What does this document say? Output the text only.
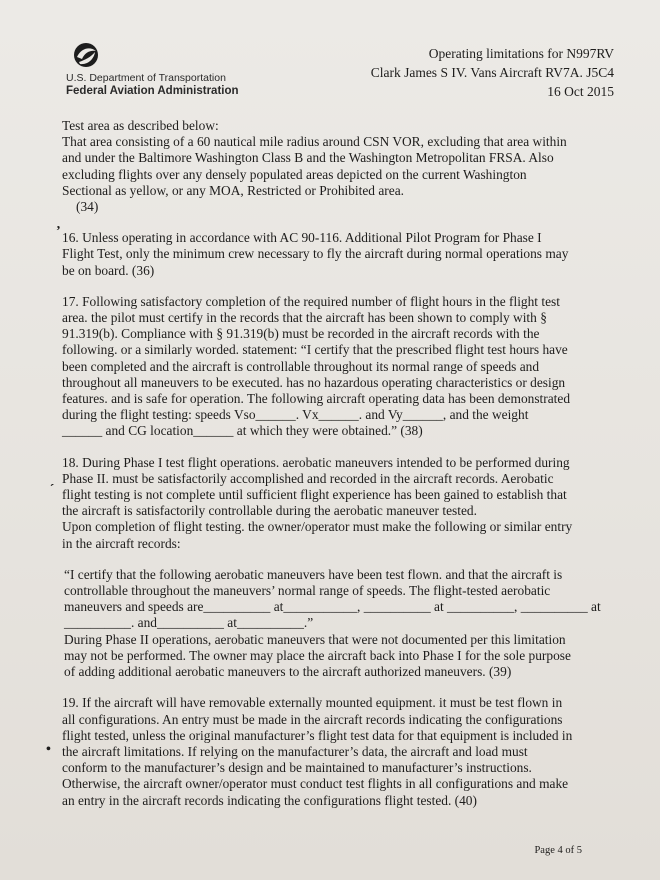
U.S. Department of Transportation
Federal Aviation Administration
Operating limitations for N997RV
Clark James S IV. Vans Aircraft RV7A. J5C4
16 Oct 2015

Test area as described below:

That area consisting of a 60 nautical mile radius around CSN VOR, excluding that area within

and under the Baltimore Washington Class B and the Washington Metropolitan FRSA. Also

excluding flights over any densely populated areas depicted on the current Washington

Sectional as yellow, or any MOA, Restricted or Prohibited area.

(34)

16. Unless operating in accordance with AC 90-116. Additional Pilot Program for Phase I

Flight Test, only the minimum crew necessary to fly the aircraft during normal operations may

be on board. (36)

17. Following satisfactory completion of the required number of flight hours in the flight test

area. the pilot must certify in the records that the aircraft has been shown to comply with §

91.319(b). Compliance with § 91.319(b) must be recorded in the aircraft records with the

following. or a similarly worded. statement: “I certify that the prescribed flight test hours have

been completed and the aircraft is controllable throughout its normal range of speeds and

throughout all maneuvers to be executed. has no hazardous operating characteristics or design

features. and is safe for operation. The following aircraft operating data has been demonstrated

during the flight testing: speeds Vso______. Vx______. and Vy______, and the weight

______ and CG location______ at which they were obtained.” (38)

18. During Phase I test flight operations. aerobatic maneuvers intended to be performed during

Phase II. must be satisfactorily accomplished and recorded in the aircraft records. Aerobatic

flight testing is not complete until sufficient flight experience has been gained to establish that

the aircraft is satisfactorily controllable during the aerobatic maneuver tested.

Upon completion of flight testing. the owner/operator must make the following or similar entry

in the aircraft records:

“I certify that the following aerobatic maneuvers have been test flown. and that the aircraft is

controllable throughout the maneuvers’ normal range of speeds. The flight-tested aerobatic

maneuvers and speeds are__________ at___________, __________ at __________, __________ at

__________. and__________ at__________.”

During Phase II operations, aerobatic maneuvers that were not documented per this limitation

may not be performed. The owner may place the aircraft back into Phase I for the sole purpose

of adding additional aerobatic maneuvers to the aircraft authorized maneuvers. (39)

19. If the aircraft will have removable externally mounted equipment. it must be test flown in

all configurations. An entry must be made in the aircraft records indicating the configurations

flight tested, unless the original manufacturer’s flight test data for that equipment is included in

the aircraft limitations. If relying on the manufacturer’s data, the aircraft and load must

conform to the manufacturer’s design and be maintained to manufacturer’s instructions.

Otherwise, the aircraft owner/operator must conduct test flights in all configurations and make

an entry in the aircraft records indicating the configurations flight tested. (40)

ʼ
ˏ
•
Page 4 of 5
